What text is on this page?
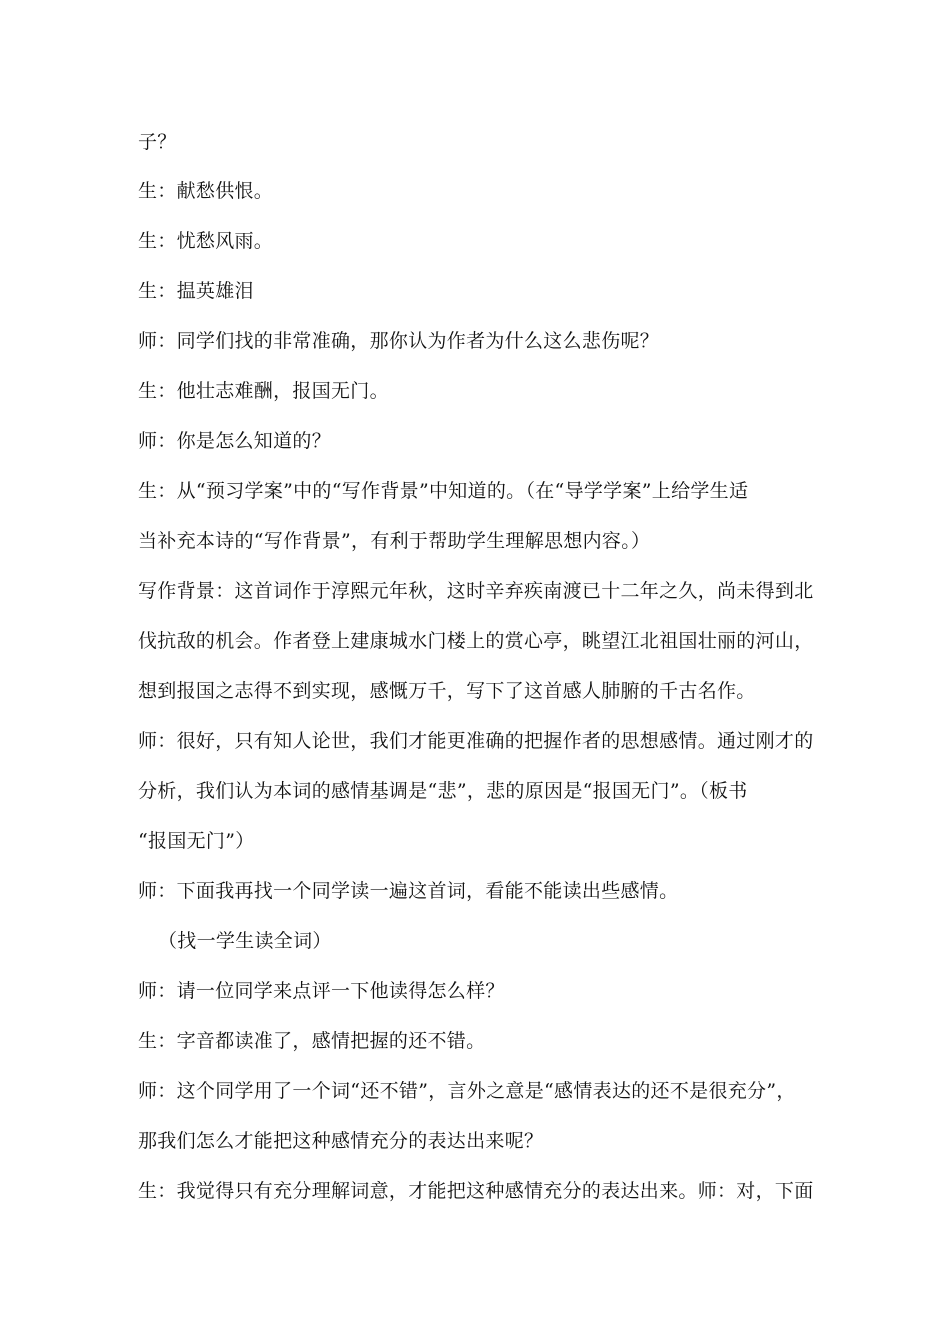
子？
生：献愁供恨。
生：忧愁风雨。
生：揾英雄泪
师：同学们找的非常准确，那你认为作者为什么这么悲伤呢？
生：他壮志难酬，报国无门。
师：你是怎么知道的？
生：从“预习学案”中的“写作背景”中知道的。（在“导学学案”上给学生适
当补充本诗的“写作背景”，有利于帮助学生理解思想内容。）
写作背景：这首词作于淳熙元年秋，这时辛弃疾南渡已十二年之久，尚未得到北
伐抗敌的机会。作者登上建康城水门楼上的赏心亭，眺望江北祖国壮丽的河山，
想到报国之志得不到实现，感慨万千，写下了这首感人肺腑的千古名作。
师：很好，只有知人论世，我们才能更准确的把握作者的思想感情。通过刚才的
分析，我们认为本词的感情基调是“悲”，悲的原因是“报国无门”。（板书
“报国无门”）
师：下面我再找一个同学读一遍这首词，看能不能读出些感情。
（找一学生读全词）
师：请一位同学来点评一下他读得怎么样？
生：字音都读准了，感情把握的还不错。
师：这个同学用了一个词“还不错”，言外之意是“感情表达的还不是很充分”，
那我们怎么才能把这种感情充分的表达出来呢？
生：我觉得只有充分理解词意，才能把这种感情充分的表达出来。师：对，下面
